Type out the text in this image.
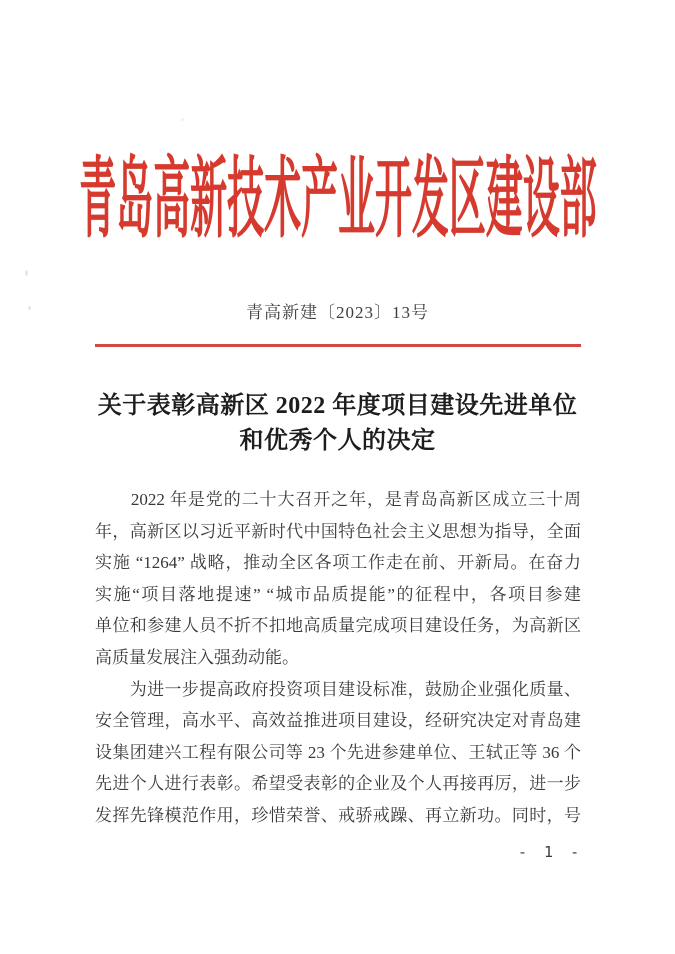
青岛高新技术产业开发区建设部
青高新建〔2023〕13号
关于表彰高新区 2022 年度项目建设先进单位
和优秀个人的决定
　　2022 年是党的二十大召开之年，是青岛高新区成立三十周
年，高新区以习近平新时代中国特色社会主义思想为指导，全面
实施 “1264” 战略，推动全区各项工作走在前、开新局。在奋力
实施“项目落地提速” “城市品质提能”的征程中，各项目参建
单位和参建人员不折不扣地高质量完成项目建设任务，为高新区
高质量发展注入强劲动能。
　　为进一步提高政府投资项目建设标准，鼓励企业强化质量、
安全管理，高水平、高效益推进项目建设，经研究决定对青岛建
设集团建兴工程有限公司等 23 个先进参建单位、王轼正等 36 个
先进个人进行表彰。希望受表彰的企业及个人再接再厉，进一步
发挥先锋模范作用，珍惜荣誉、戒骄戒躁、再立新功。同时，号
- 1 -
